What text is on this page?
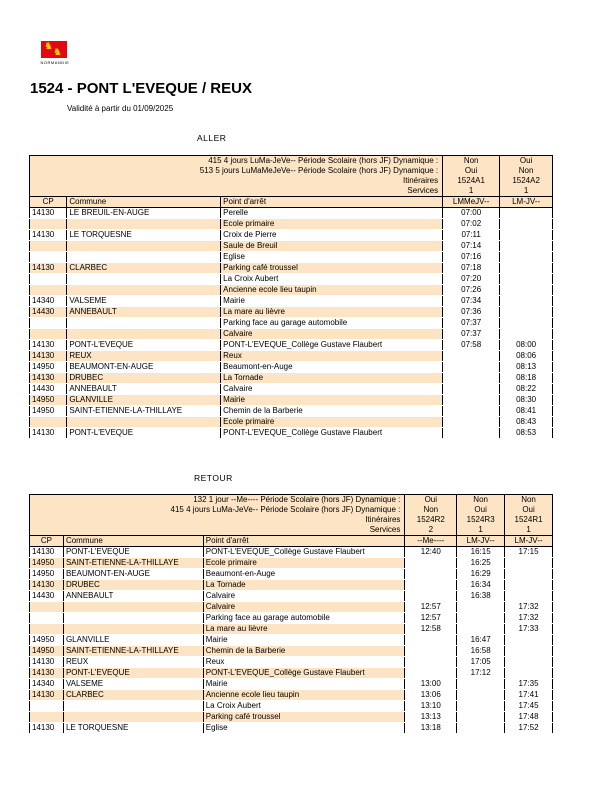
♞
♞
NORMANDIE
1524 - PONT L'EVEQUE / REUX
Validité à partir du 01/09/2025
ALLER
415 4 jours LuMa-JeVe-- Période Scolaire (hors JF) Dynamique :			Non	Oui
513 5 jours LuMaMeJeVe-- Période Scolaire (hors JF) Dynamique :			Oui	Non
Itinéraires			1524A1	1524A2
Services			1	1
CP	Commune	Point d'arrêt	LMMeJV--	LM-JV--
14130	LE BREUIL-EN-AUGE	Perelle	07:00	
		Ecole primaire	07:02	
14130	LE TORQUESNE	Croix de Pierre	07:11	
		Saule de Breuil	07:14	
		Eglise	07:16	
14130	CLARBEC	Parking café troussel	07:18	
		La Croix Aubert	07:20	
		Ancienne ecole lieu taupin	07:26	
14340	VALSEME	Mairie	07:34	
14430	ANNEBAULT	La mare au lièvre	07:36	
		Parking face au garage automobile	07:37	
		Calvaire	07:37	
14130	PONT-L'EVEQUE	PONT-L'EVEQUE_Collège Gustave Flaubert	07:58	08:00
14130	REUX	Reux		08:06
14950	BEAUMONT-EN-AUGE	Beaumont-en-Auge		08:13
14130	DRUBEC	La Tornade		08:18
14430	ANNEBAULT	Calvaire		08:22
14950	GLANVILLE	Mairie		08:30
14950	SAINT-ETIENNE-LA-THILLAYE	Chemin de la Barberie		08:41
		Ecole primaire		08:43
14130	PONT-L'EVEQUE	PONT-L'EVEQUE_Collège Gustave Flaubert		08:53
RETOUR
132 1 jour --Me---- Période Scolaire (hors JF) Dynamique :			Oui	Non	Non
415 4 jours LuMa-JeVe-- Période Scolaire (hors JF) Dynamique :			Non	Oui	Oui
Itinéraires			1524R2	1524R3	1524R1
Services			2	1	1
CP	Commune	Point d'arrêt	--Me----	LM-JV--	LM-JV--
14130	PONT-L'EVEQUE	PONT-L'EVEQUE_Collège Gustave Flaubert	12:40	16:15	17:15
14950	SAINT-ETIENNE-LA-THILLAYE	Ecole primaire		16:25	
14950	BEAUMONT-EN-AUGE	Beaumont-en-Auge		16:29	
14130	DRUBEC	La Tornade		16:34	
14430	ANNEBAULT	Calvaire		16:38	
		Calvaire	12:57		17:32
		Parking face au garage automobile	12:57		17:32
		La mare au lièvre	12:58		17:33
14950	GLANVILLE	Mairie		16:47	
14950	SAINT-ETIENNE-LA-THILLAYE	Chemin de la Barberie		16:58	
14130	REUX	Reux		17:05	
14130	PONT-L'EVEQUE	PONT-L'EVEQUE_Collège Gustave Flaubert		17:12	
14340	VALSEME	Mairie	13:00		17:35
14130	CLARBEC	Ancienne ecole lieu taupin	13:06		17:41
		La Croix Aubert	13:10		17:45
		Parking café troussel	13:13		17:48
14130	LE TORQUESNE	Eglise	13:18		17:52
